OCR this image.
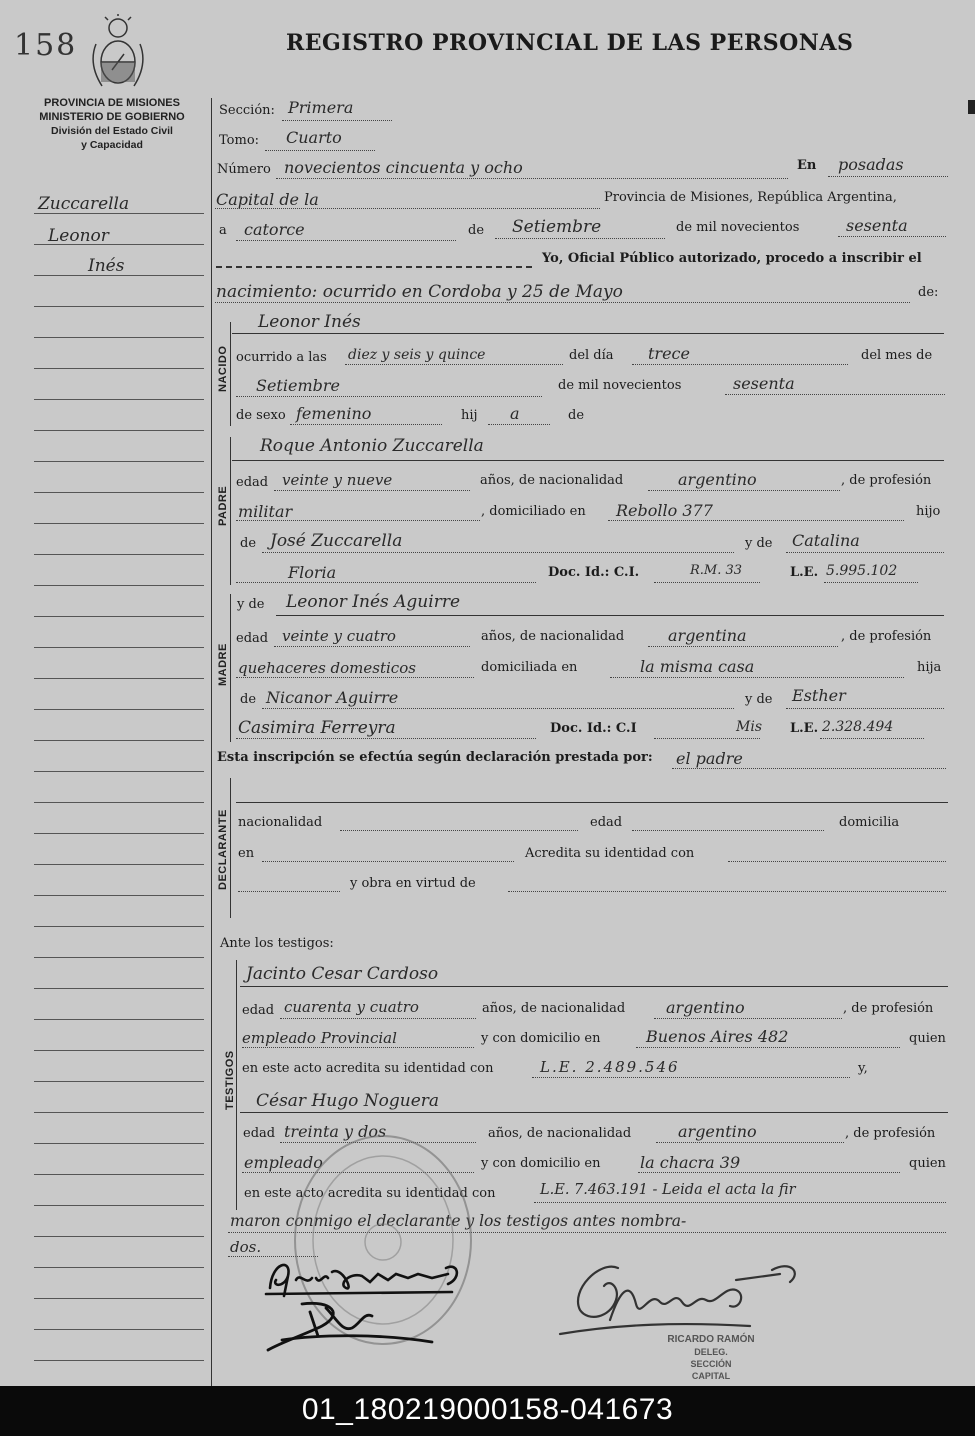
158	REGISTRO PROVINCIAL DE LAS PERSONAS
PROVINCIA DE MISIONES
MINISTERIO DE GOBIERNO
División del Estado Civil
y Capacidad
Zuccarella
Leonor
Inés
Sección: Primera
Tomo: Cuarto
Número novecientos cincuenta y ocho	En posadas
Capital de la	Provincia de Misiones, República Argentina,
a catorce	de Setiembre	de mil novecientos	sesenta
Yo, Oficial Público autorizado, procedo a inscribir el
nacimiento: ocurrido en Cordoba y 25 de Mayo	de:
NACIDO
Leonor Inés
ocurrido a las diez y seis y quince	del día trece	del mes de
Setiembre	de mil novecientos	sesenta
de sexo femenino	hij a	de
PADRE
Roque Antonio Zuccarella
edad veinte y nueve	años, de nacionalidad	argentino	, de profesión
militar	, domiciliado en Rebollo 377	hijo
de José Zuccarella	y de Catalina
Floria	Doc. Id.: C.I.	R.M. 33	L.E. 5.995.102
MADRE
y de Leonor Inés Aguirre
edad veinte y cuatro	años, de nacionalidad	argentina	, de profesión
quehaceres domesticos	domiciliada en	la misma casa	hija
de Nicanor Aguirre	y de Esther
Casimira Ferreyra	Doc. Id.: C.I	Mis L.E. 2.328.494
Esta inscripción se efectúa según declaración prestada por: el padre
DECLARANTE nacionalidad	edad	domicilia
en	Acredita su identidad con
y obra en virtud de
Ante los testigos:
TESTIGOS
Jacinto Cesar Cardoso
edad cuarenta y cuatro	años, de nacionalidad	argentino	, de profesión
empleado Provincial	y con domicilio en	Buenos Aires 482	quien
en este acto acredita su identidad con	L.E. 2.489.546	y,
César Hugo Noguera
edad treinta y dos	años, de nacionalidad	argentino	, de profesión
empleado	y con domicilio en la chacra 39	quien
en este acto acredita su identidad con	L.E. 7.463.191 - Leida el acta la fir
maron conmigo el declarante y los testigos antes nombra-
dos.
RICARDO RAMÓN
DELEG.
SECCIÓN
CAPITAL
01_180219000158-041673
